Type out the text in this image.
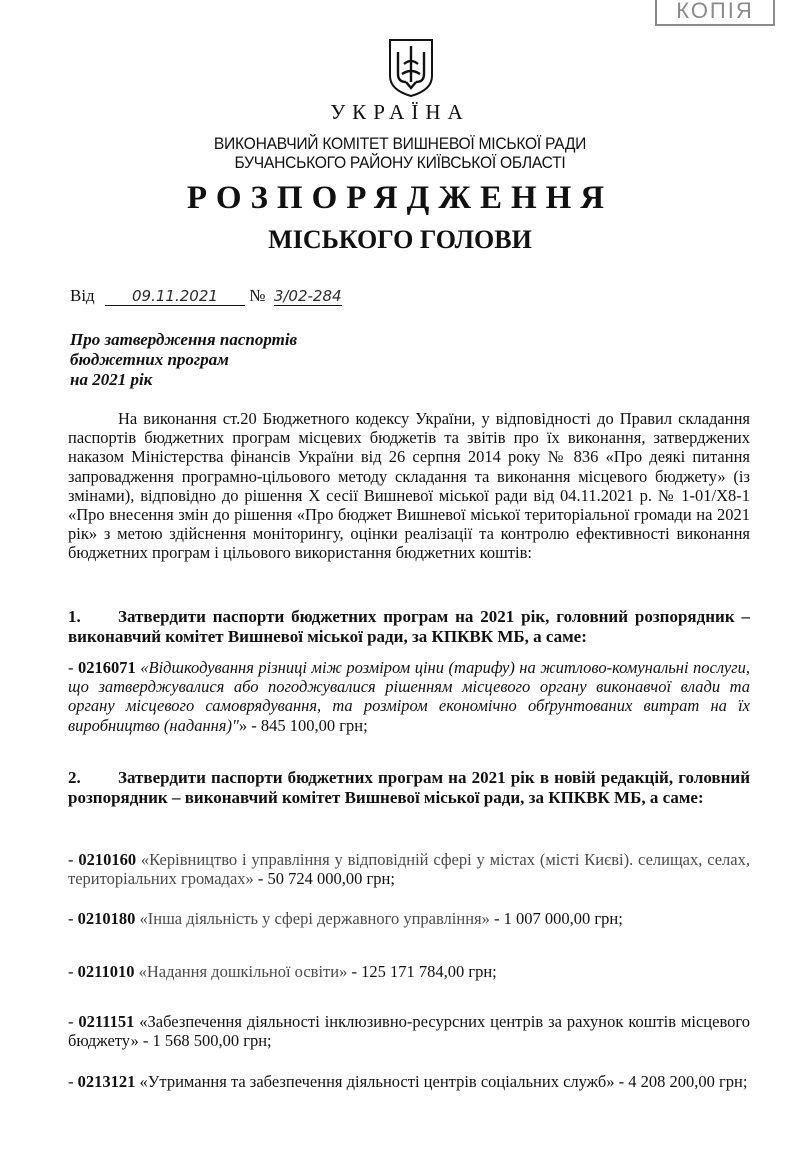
КОПІЯ
УКРАЇНА
ВИКОНАВЧИЙ КОМІТЕТ ВИШНЕВОЇ МІСЬКОЇ РАДИ
БУЧАНСЬКОГО РАЙОНУ КИЇВСЬКОЇ ОБЛАСТІ
РОЗПОРЯДЖЕННЯ
МІСЬКОГО ГОЛОВИ
Від 09.11.2021 № 3/02-284
Про затвердження паспортів
бюджетних програм
на 2021 рік
На виконання ст.20 Бюджетного кодексу України, у відповідності до Правил складання паспортів бюджетних програм місцевих бюджетів та звітів про їх виконання, затверджених наказом Міністерства фінансів України від 26 серпня 2014 року № 836 «Про деякі питання запровадження програмно-цільового методу складання та виконання місцевого бюджету» (із змінами), відповідно до рішення Х сесії Вишневої міської ради від 04.11.2021 р. № 1-01/Х8-1 «Про внесення змін до рішення «Про бюджет Вишневої міської територіальної громади на 2021 рік» з метою здійснення моніторингу, оцінки реалізації та контролю ефективності виконання бюджетних програм і цільового використання бюджетних коштів:
1. Затвердити паспорти бюджетних програм на 2021 рік, головний розпорядник – виконавчий комітет Вишневої міської ради, за КПКВК МБ, а саме:
- 0216071 «Відшкодування різниці між розміром ціни (тарифу) на житлово-комунальні послуги, що затверджувалися або погоджувалися рішенням місцевого органу виконавчої влади та органу місцевого самоврядування, та розміром економічно обґрунтованих витрат на їх виробництво (надання)"» - 845 100,00 грн;
2. Затвердити паспорти бюджетних програм на 2021 рік в новій редакцій, головний розпорядник – виконавчий комітет Вишневої міської ради, за КПКВК МБ, а саме:
- 0210160 «Керівництво і управління у відповідній сфері у містах (місті Києві). селищах, селах, територіальних громадах» - 50 724 000,00 грн;
- 0210180 «Інша діяльність у сфері державного управління» - 1 007 000,00 грн;
- 0211010 «Надання дошкільної освіти» - 125 171 784,00 грн;
- 0211151 «Забезпечення діяльності інклюзивно-ресурсних центрів за рахунок коштів місцевого бюджету» - 1 568 500,00 грн;
- 0213121 «Утримання та забезпечення діяльності центрів соціальних служб» - 4 208 200,00 грн;
